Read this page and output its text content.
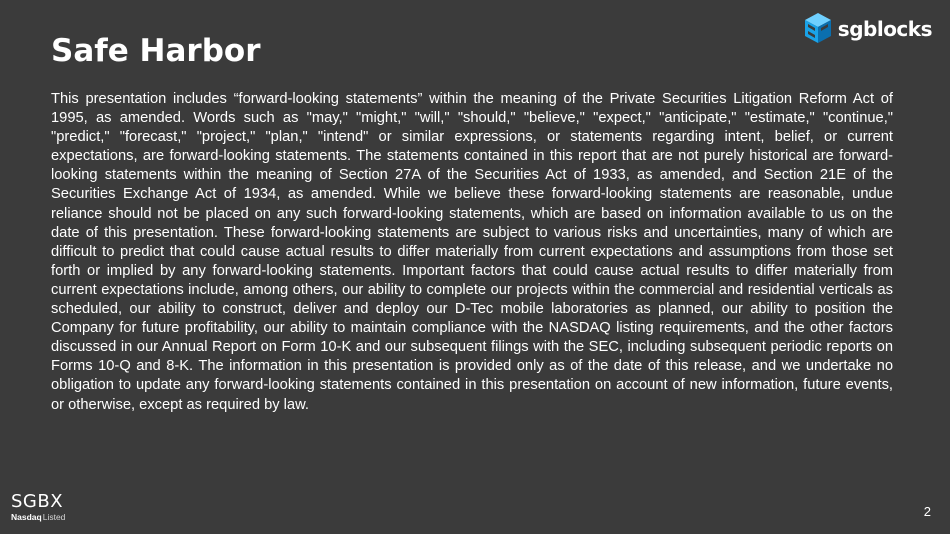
sgblocks
Safe Harbor

This presentation includes “forward-looking statements” within the meaning of the Private Securities Litigation Reform Act of 1995, as amended. Words such as "may," "might," "will," "should," "believe," "expect," "anticipate," "estimate," "continue," "predict," "forecast," "project," "plan," "intend" or similar expressions, or statements regarding intent, belief, or current expectations, are forward-looking statements. The statements contained in this report that are not purely historical are forward-looking statements within the meaning of Section 27A of the Securities Act of 1933, as amended, and Section 21E of the Securities Exchange Act of 1934, as amended. While we believe these forward-looking statements are reasonable, undue reliance should not be placed on any such forward-looking statements, which are based on information available to us on the date of this presentation. These forward-looking statements are subject to various risks and uncertainties, many of which are difficult to predict that could cause actual results to differ materially from current expectations and assumptions from those set forth or implied by any forward-looking statements. Important factors that could cause actual results to differ materially from current expectations include, among others, our ability to complete our projects within the commercial and residential verticals as scheduled, our ability to construct, deliver and deploy our D-Tec mobile laboratories as planned, our ability to position the Company for future profitability, our ability to maintain compliance with the NASDAQ listing requirements, and the other factors discussed in our Annual Report on Form 10-K and our subsequent filings with the SEC, including subsequent periodic reports on Forms 10-Q and 8-K. The information in this presentation is provided only as of the date of this release, and we undertake no obligation to update any forward-looking statements contained in this presentation on account of new information, future events, or otherwise, except as required by law.

SGBX
Nasdaq Listed	2
